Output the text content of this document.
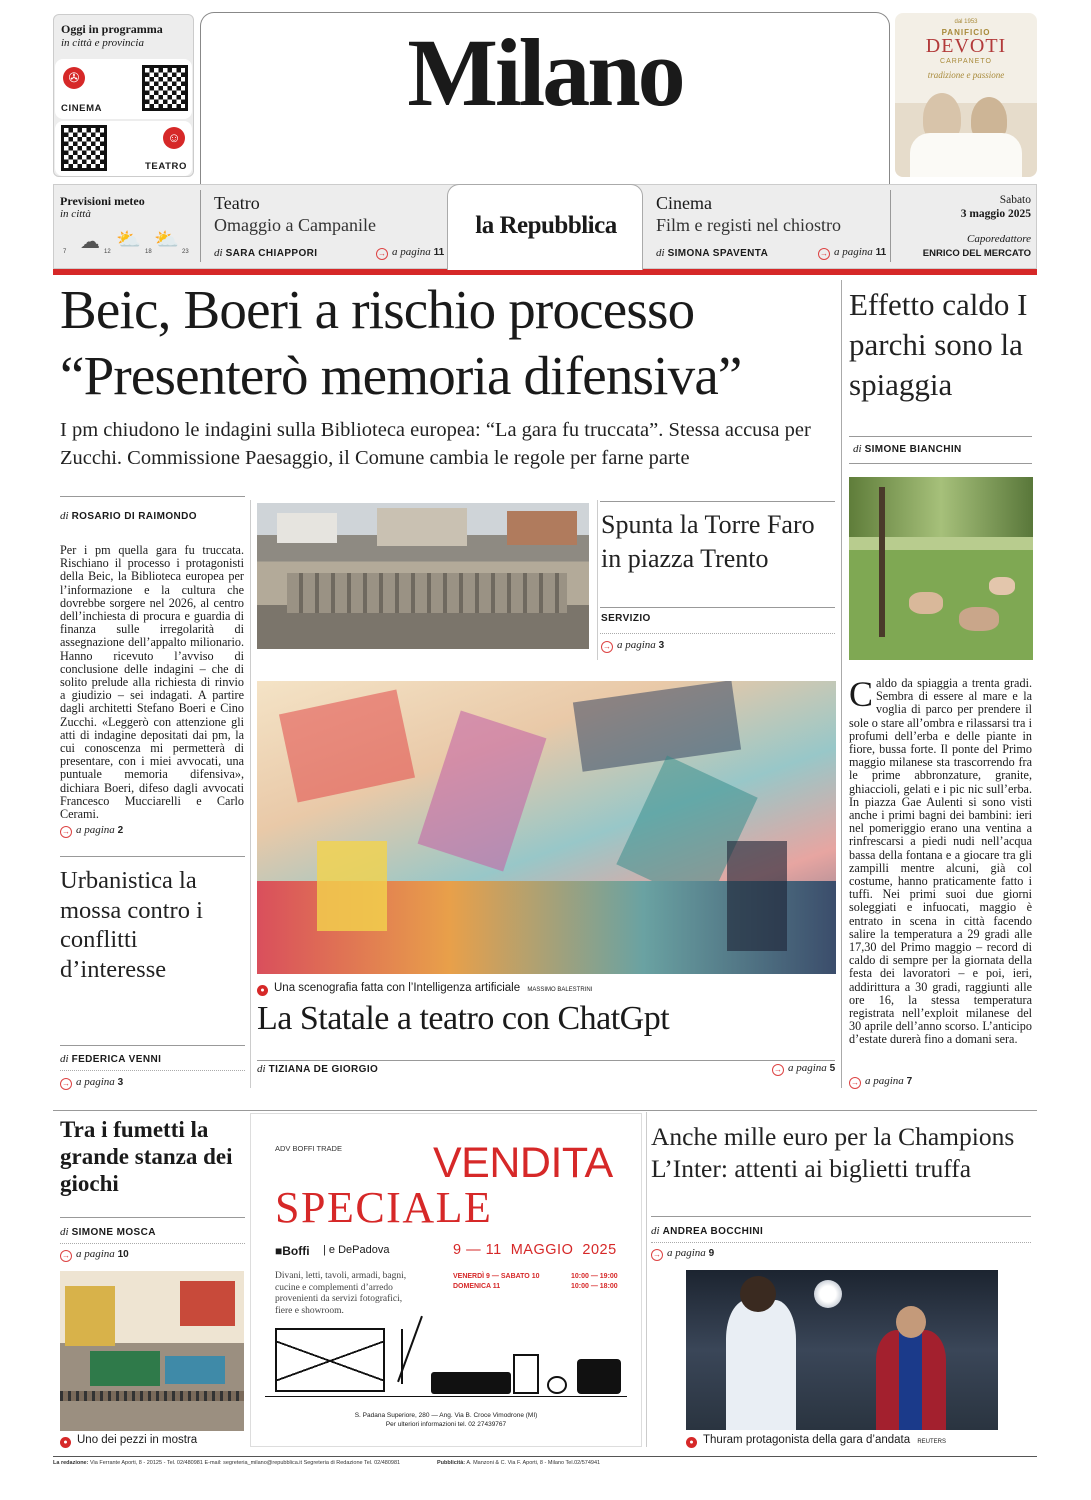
Oggi in programma
in città e provincia
✇
CINEMA
☺
TEATRO
Milano	dal 1953
PANIFICIO
DEVOTI
CARPANETO
tradizione e passione
Previsioni meteo
in città
☁ ⛅ ⛅
7	12	18	23
Teatro
Omaggio a Campanile
di SARA CHIAPPORI	→ a pagina 11
la Repubblica
Cinema
Film e registi nel chiostro
di SIMONA SPAVENTA	→ a pagina 11
Sabato
3 maggio 2025
Caporedattore
ENRICO DEL MERCATO
Beic, Boeri a rischio processo
“Presenterò memoria difensiva”
I pm chiudono le indagini sulla Biblioteca europea: “La gara fu truccata”. Stessa accusa per Zucchi. Commissione Paesaggio, il Comune cambia le regole per farne parte
di ROSARIO DI RAIMONDO
Per i pm quella gara fu truccata. Rischiano il processo i protagonisti della Beic, la Biblioteca europea per l’informazione e la cultura che dovrebbe sorgere nel 2026, al centro dell’inchiesta di procura e guardia di finanza sulle irregolarità di assegnazione dell’appalto milionario. Hanno ricevuto l’avviso di conclusione delle indagini – che di solito prelude alla richiesta di rinvio a giudizio – sei indagati. A partire dagli architetti Stefano Boeri e Cino Zucchi. «Leggerò con attenzione gli atti di indagine depositati dai pm, la cui conoscenza mi permetterà di presentare, con i miei avvocati, una puntuale memoria difensiva», dichiara Boeri, difeso dagli avvocati Francesco Mucciarelli e Carlo Cerami.
→ a pagina 2
Urbanistica la mossa contro i conflitti d’interesse
di FEDERICA VENNI
→ a pagina 3
Spunta la Torre Faro in piazza Trento
SERVIZIO
→ a pagina 3
● Una scenografia fatta con l’Intelligenza artificiale MASSIMO BALESTRINI
La Statale a teatro con ChatGpt
di TIZIANA DE GIORGIO	→ a pagina 5
Effetto caldo I parchi sono la spiaggia
di SIMONE BIANCHIN
Caldo da spiaggia a trenta gradi. Sembra di essere al mare e la voglia di parco per prendere il sole o stare all’ombra e rilassarsi tra i profumi dell’erba e delle piante in fiore, bussa forte. Il ponte del Primo maggio milanese sta trascorrendo fra le prime abbronzature, granite, ghiaccioli, gelati e i pic nic sull’erba. In piazza Gae Aulenti si sono visti anche i primi bagni dei bambini: ieri nel pomeriggio erano una ventina a rinfrescarsi a piedi nudi nell’acqua bassa della fontana e a giocare tra gli zampilli mentre alcuni, già col costume, hanno praticamente fatto i tuffi. Nei primi suoi due giorni soleggiati e infuocati, maggio è entrato in scena in città facendo salire la temperatura a 29 gradi alle 17,30 del Primo maggio – record di caldo di sempre per la giornata della festa dei lavoratori – e poi, ieri, addirittura a 30 gradi, raggiunti alle ore 16, la stessa temperatura registrata nell’exploit milanese del 30 aprile dell’anno scorso. L’anticipo d’estate durerà fino a domani sera.
→ a pagina 7
Tra i fumetti la grande stanza dei giochi
di SIMONE MOSCA
→ a pagina 10
● Uno dei pezzi in mostra
ADV BOFFI TRADE VENDITA
SPECIALE
■Boffi | e DePadova	9 — 11  MAGGIO  2025
Divani, letti, tavoli, armadi, bagni, cucine e complementi d’arredo provenienti da servizi fotografici, fiere e showroom.
VENERDÌ 9 — SABATO 10	10:00 — 19:00
DOMENICA 11	10:00 — 18:00
S. Padana Superiore, 280 — Ang. Via B. Croce Vimodrone (MI)
Per ulteriori informazioni tel. 02 27439767
Anche mille euro per la Champions L’Inter: attenti ai biglietti truffa
di ANDREA BOCCHINI
→ a pagina 9
● Thuram protagonista della gara d’andata REUTERS
La redazione: Via Ferrante Aporti, 8 - 20125 - Tel. 02/480981 E-mail: segreteria_milano@repubblica.it Segreteria di Redazione Tel. 02/480981	Pubblicità: A. Manzoni & C. Via F. Aporti, 8 - Milano Tel.02/574941
